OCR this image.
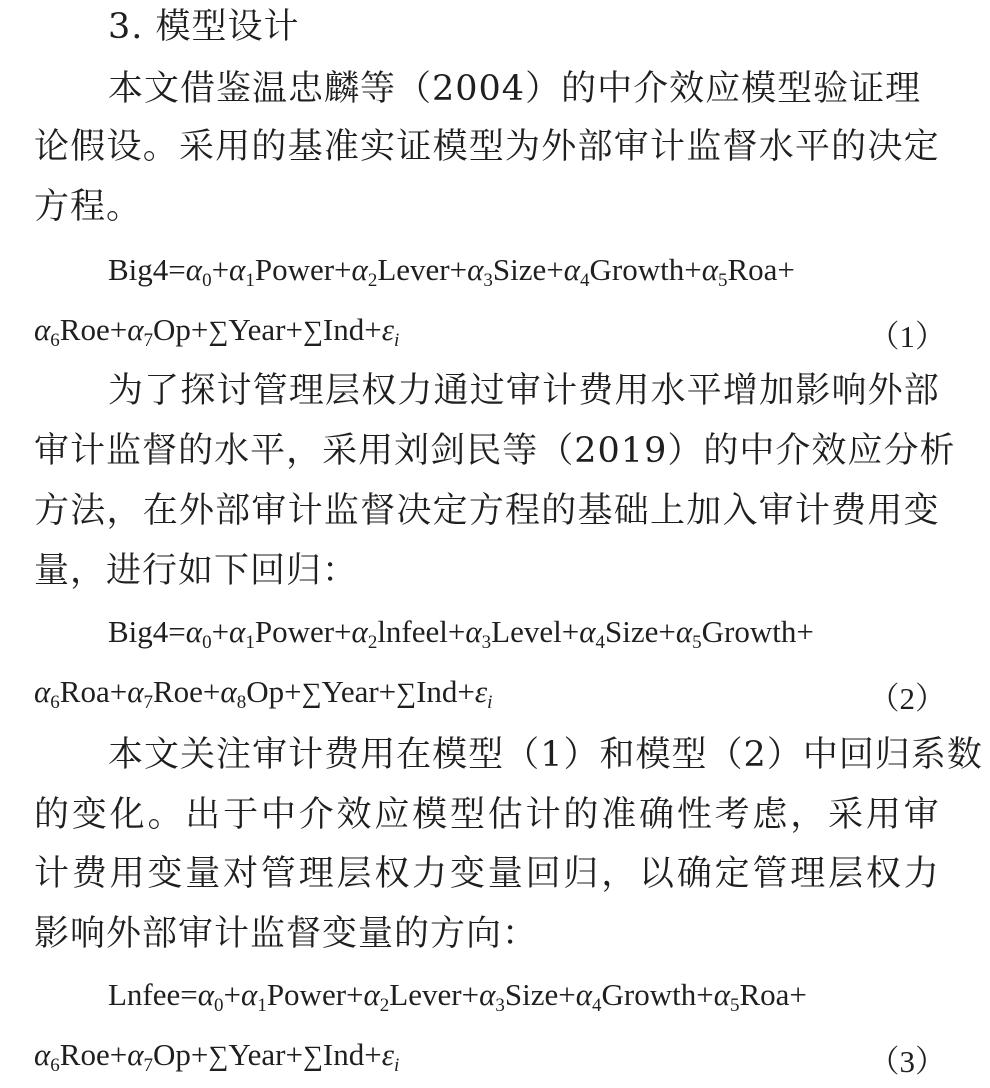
3. 模型设计
本文借鉴温忠麟等（2004）的中介效应模型验证理
论 假 设 。 采 用 的 基 准 实 证 模 型 为 外 部 审 计 监 督 水 平 的 决 定
方程。
$Big4=\alpha_0+\alpha_1Power+\alpha_2Lever+\alpha_3Size+\alpha_4Growth+\alpha_5Roa+$
$\alpha_6Roe+\alpha_7Op+\sum Year+\sum Ind+\varepsilon_i$	（1）
为 了 探 讨 管 理 层 权 力 通 过 审 计 费 用 水 平 增 加 影 响 外 部
审 计 监 督 的 水 平 ， 采 用 刘 剑 民 等 （ 2 0 1 9 ） 的 中 介 效 应 分 析
方 法 ， 在 外 部 审 计 监 督 决 定 方 程 的 基 础 上 加 入 审 计 费 用 变
量，进行如下回归：
$Big4=\alpha_0+\alpha_1Power+\alpha_2lnfeel+\alpha_3Level+\alpha_4Size+\alpha_5Growth+$
$\alpha_6Roa+\alpha_7Roe+\alpha_8Op+\sum Year+\sum Ind+\varepsilon_i$	（2）
本 文 关 注 审 计 费 用 在 模 型 （ 1 ） 和 模 型 （ 2 ） 中 回 归 系 数
的 变 化 。 出 于 中 介 效 应 模 型 估 计 的 准 确 性 考 虑 ， 采 用 审
计 费 用 变 量 对 管 理 层 权 力 变 量 回 归 ， 以 确 定 管 理 层 权 力
影响外部审计监督变量的方向：
$Lnfee=\alpha_0+\alpha_1Power+\alpha_2Lever+\alpha_3Size+\alpha_4Growth+\alpha_5Roa+$
$\alpha_6Roe+\alpha_7Op+\sum Year+\sum Ind+\varepsilon_i$	（3）
